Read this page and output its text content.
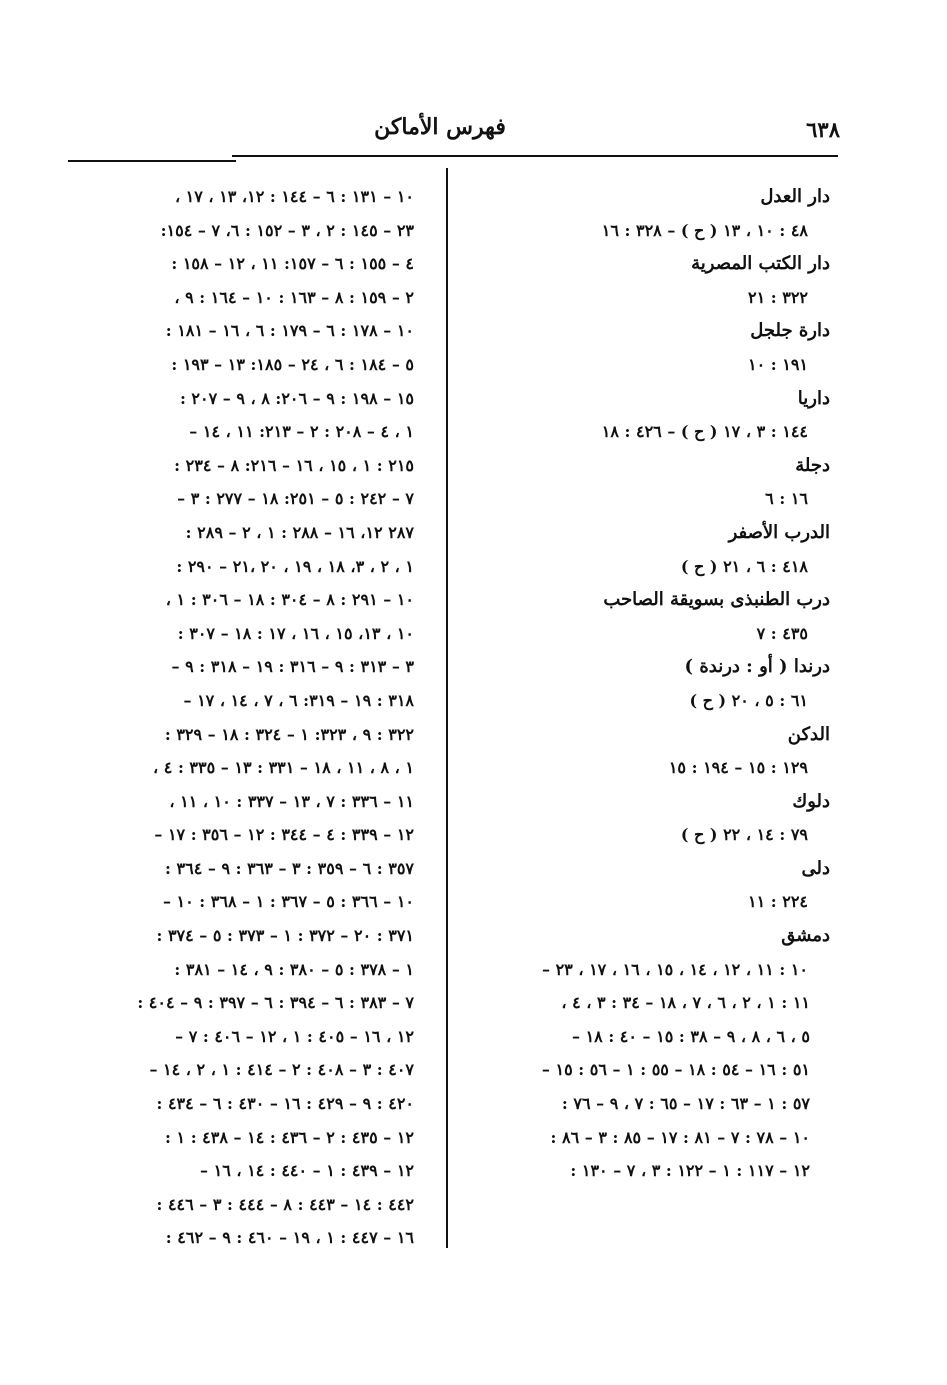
٦٣٨
فهرس الأماكن
دار العدل
٤٨ : ١٠ ، ١٣ ( ح ) – ٣٢٨ : ١٦
دار الكتب المصرية
٣٢٢ : ٢١
دارة جلجل
١٩١ : ١٠
داريا
١٤٤ : ٣ ، ١٧ ( ح ) – ٤٢٦ : ١٨
دجلة
١٦ : ٦
الدرب الأصفر
٤١٨ : ٦ ، ٢١ ( ح )
درب الطنبذى بسويقة الصاحب
٤٣٥ : ٧
درندا ( أو : درندة )
٦١ : ٥ ، ٢٠ ( ح )
الدكن
١٢٩ : ١٥ – ١٩٤ : ١٥
دلوك
٧٩ : ١٤ ، ٢٢ ( ح )
دلى
٢٢٤ : ١١
دمشق
١٠ : ١١ ، ١٢ ، ١٤ ، ١٥ ، ١٦ ، ١٧ ، ٢٣ –
١١ : ١ ، ٢ ، ٦ ، ٧ ، ١٨ – ٣٤ : ٣ ، ٤ ،
٥ ، ٦ ، ٨ ، ٩ – ٣٨ : ١٥ – ٤٠ : ١٨ –
٥١ : ١٦ – ٥٤ : ١٨ – ٥٥ : ١ – ٥٦ : ١٥ –
٥٧ : ١ – ٦٣ : ١٧ – ٦٥ : ٧ ، ٩ – ٧٦ :
١٠ – ٧٨ : ٧ – ٨١ : ١٧ – ٨٥ : ٣ – ٨٦ :
١٢ – ١١٧ : ١ – ١٢٢ : ٣ ، ٧ – ١٣٠ :
١٠ – ١٣١ : ٦ – ١٤٤ : ١٢، ١٣ ، ١٧ ،
٢٣ – ١٤٥ : ٢ ، ٣ – ١٥٢ : ٦، ٧ – ١٥٤:
٤ – ١٥٥ : ٦ – ١٥٧: ١١ ، ١٢ – ١٥٨ :
٢ – ١٥٩ : ٨ – ١٦٣ : ١٠ – ١٦٤ : ٩ ،
١٠ – ١٧٨ : ٦ – ١٧٩ : ٦ ، ١٦ – ١٨١ :
٥ – ١٨٤ : ٦ ، ٢٤ – ١٨٥: ١٣ – ١٩٣ :
١٥ – ١٩٨ : ٩ – ٢٠٦: ٨ ، ٩ – ٢٠٧ :
١ ، ٤ – ٢٠٨ : ٢ – ٢١٣: ١١ ، ١٤ –
٢١٥ : ١ ، ١٥ ، ١٦ – ٢١٦: ٨ – ٢٣٤ :
٧ – ٢٤٢ : ٥ – ٢٥١: ١٨ – ٢٧٧ : ٣ –
٢٨٧ ١٢، ١٦ – ٢٨٨ : ١ ، ٢ – ٢٨٩ :
١ ، ٢ ، ٣، ١٨ ، ١٩ ، ٢٠ ،٢١ – ٢٩٠ :
١٠ – ٢٩١ : ٨ – ٣٠٤ : ١٨ – ٣٠٦ : ١ ،
١٠ ، ١٣، ١٥ ، ١٦ ، ١٧ : ١٨ – ٣٠٧ :
٣ – ٣١٣ : ٩ – ٣١٦ : ١٩ – ٣١٨ : ٩ –
٣١٨ : ١٩ – ٣١٩: ٦ ، ٧ ، ١٤ ، ١٧ –
٣٢٢ : ٩ ، ٣٢٣: ١ – ٣٢٤ : ١٨ – ٣٢٩ :
١ ، ٨ ، ١١ ، ١٨ – ٣٣١ : ١٣ – ٣٣٥ : ٤ ،
١١ – ٣٣٦ : ٧ ، ١٣ – ٣٣٧ : ١٠ ، ١١ ،
١٢ – ٣٣٩ : ٤ – ٣٤٤ : ١٢ – ٣٥٦ : ١٧ –
٣٥٧ : ٦ – ٣٥٩ : ٣ – ٣٦٣ : ٩ – ٣٦٤ :
١٠ – ٣٦٦ : ٥ – ٣٦٧ : ١ – ٣٦٨ : ١٠ –
٣٧١ : ٢٠ – ٣٧٢ : ١ – ٣٧٣ : ٥ – ٣٧٤ :
١ – ٣٧٨ : ٥ – ٣٨٠ : ٩ ، ١٤ – ٣٨١ :
٧ – ٣٨٣ : ٦ – ٣٩٤ : ٦ – ٣٩٧ : ٩ – ٤٠٤ :
١٢ ، ١٦ – ٤٠٥ : ١ ، ١٢ – ٤٠٦ : ٧ –
٤٠٧ : ٣ – ٤٠٨ : ٢ – ٤١٤ : ١ ، ٢ ، ١٤ –
٤٢٠ : ٩ – ٤٢٩ : ١٦ – ٤٣٠ : ٦ – ٤٣٤ :
١٢ – ٤٣٥ : ٢ – ٤٣٦ : ١٤ – ٤٣٨ : ١ :
١٢ – ٤٣٩ : ١ – ٤٤٠ : ١٤ ، ١٦ –
٤٤٢ : ١٤ – ٤٤٣ : ٨ – ٤٤٤ : ٣ – ٤٤٦ :
١٦ – ٤٤٧ : ١ ، ١٩ – ٤٦٠ : ٩ – ٤٦٢ :
